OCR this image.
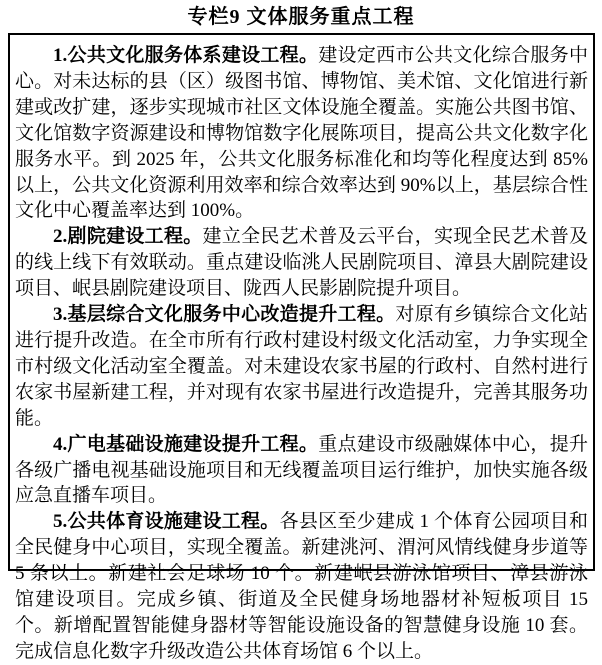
专栏9 文体服务重点工程

1.公共文化服务体系建设工程。建设定西市公共文化综合服务中心。对未达标的县（区）级图书馆、博物馆、美术馆、文化馆进行新建或改扩建，逐步实现城市社区文体设施全覆盖。实施公共图书馆、文化馆数字资源建设和博物馆数字化展陈项目，提高公共文化数字化服务水平。到 2025 年，公共文化服务标准化和均等化程度达到 85%以上，公共文化资源利用效率和综合效率达到 90%以上，基层综合性文化中心覆盖率达到 100%。

2.剧院建设工程。建立全民艺术普及云平台，实现全民艺术普及的线上线下有效联动。重点建设临洮人民剧院项目、漳县大剧院建设项目、岷县剧院建设项目、陇西人民影剧院提升项目。

3.基层综合文化服务中心改造提升工程。对原有乡镇综合文化站进行提升改造。在全市所有行政村建设村级文化活动室，力争实现全市村级文化活动室全覆盖。对未建设农家书屋的行政村、自然村进行农家书屋新建工程，并对现有农家书屋进行改造提升，完善其服务功能。

4.广电基础设施建设提升工程。重点建设市级融媒体中心，提升各级广播电视基础设施项目和无线覆盖项目运行维护，加快实施各级应急直播车项目。

5.公共体育设施建设工程。各县区至少建成 1 个体育公园项目和全民健身中心项目，实现全覆盖。新建洮河、渭河风情线健身步道等 5 条以上。新建社会足球场 10 个。新建岷县游泳馆项目、漳县游泳馆建设项目。完成乡镇、街道及全民健身场地器材补短板项目 15 个。新增配置智能健身器材等智能设施设备的智慧健身设施 10 套。完成信息化数字升级改造公共体育场馆 6 个以上。
